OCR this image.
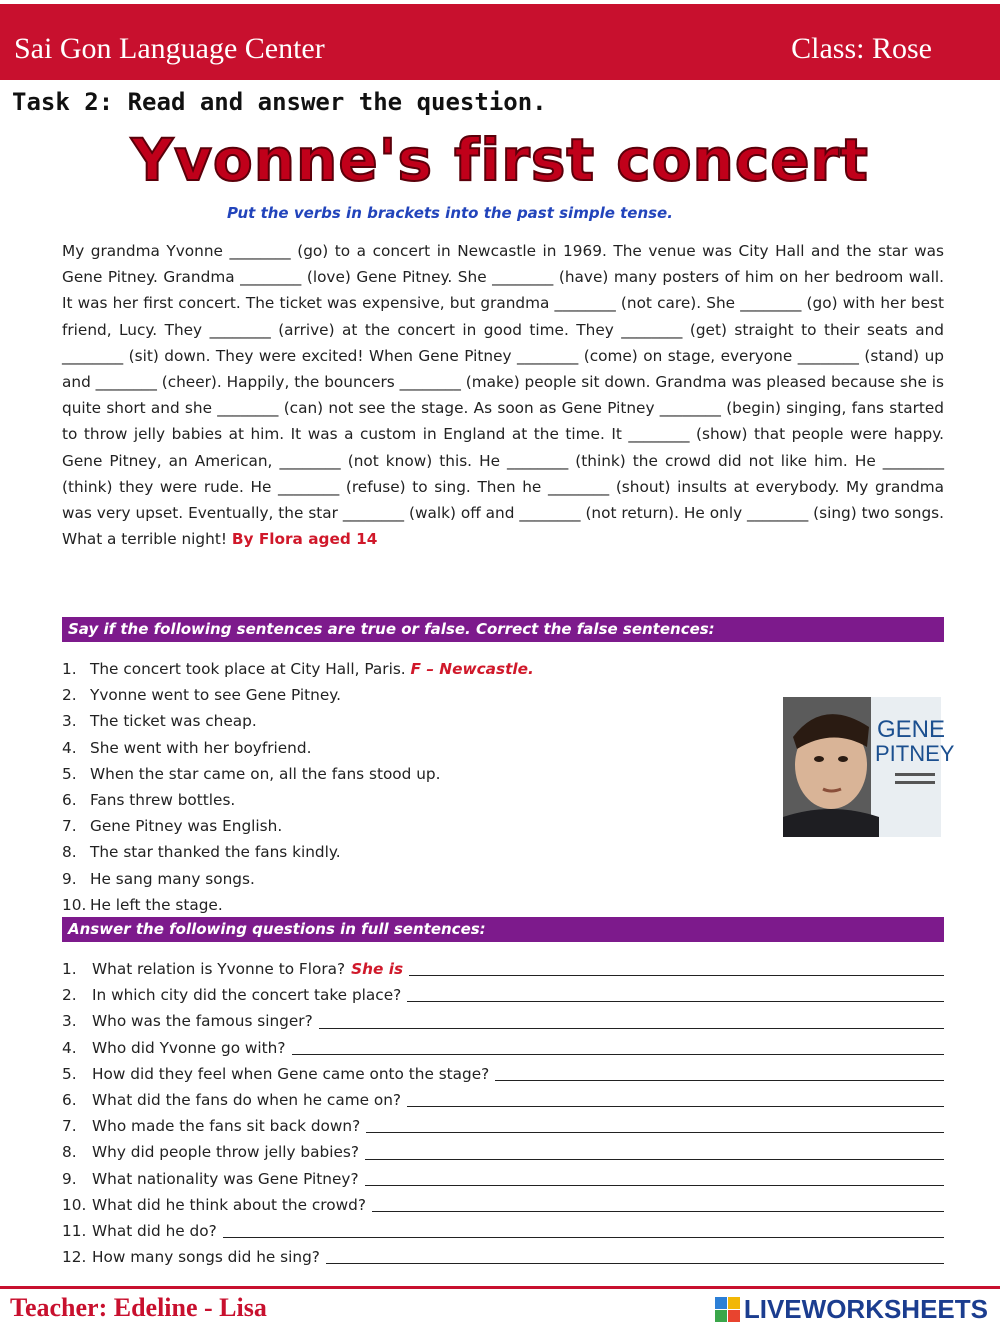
Sai Gon Language Center	Class: Rose
Task 2: Read and answer the question.
Yvonne's first concert
Put the verbs in brackets into the past simple tense.
My grandma Yvonne ________ (go) to a concert in Newcastle in 1969. The venue was City Hall and the star was Gene Pitney. Grandma ________ (love) Gene Pitney. She ________ (have) many posters of him on her bedroom wall. It was her first concert. The ticket was expensive, but grandma ________ (not care). She ________ (go) with her best friend, Lucy. They ________ (arrive) at the concert in good time. They ________ (get) straight to their seats and ________ (sit) down. They were excited! When Gene Pitney ________ (come) on stage, everyone ________ (stand) up and ________ (cheer). Happily, the bouncers ________ (make) people sit down. Grandma was pleased because she is quite short and she ________ (can) not see the stage. As soon as Gene Pitney ________ (begin) singing, fans started to throw jelly babies at him. It was a custom in England at the time. It ________ (show) that people were happy. Gene Pitney, an American, ________ (not know) this. He ________ (think) the crowd did not like him. He ________ (think) they were rude. He ________ (refuse) to sing. Then he ________ (shout) insults at everybody. My grandma was very upset. Eventually, the star ________ (walk) off and ________ (not return). He only ________ (sing) two songs. What a terrible night! By Flora aged 14
Say if the following sentences are true or false. Correct the false sentences:
1. The concert took place at City Hall, Paris. F – Newcastle.
2. Yvonne went to see Gene Pitney.
3. The ticket was cheap.
4. She went with her boyfriend.
5. When the star came on, all the fans stood up.
6. Fans threw bottles.
7. Gene Pitney was English.
8. The star thanked the fans kindly.
9. He sang many songs.
10. He left the stage.
GENE
PITNEY
Answer the following questions in full sentences:
1.	What relation is Yvonne to Flora? She is
2.	In which city did the concert take place?
3.	Who was the famous singer?
4.	Who did Yvonne go with?
5.	How did they feel when Gene came onto the stage?
6.	What did the fans do when he came on?
7.	Who made the fans sit back down?
8.	Why did people throw jelly babies?
9.	What nationality was Gene Pitney?
10. What did he think about the crowd?
11. What did he do?
12. How many songs did he sing?
Teacher: Edeline - Lisa	LIVEWORKSHEETS
